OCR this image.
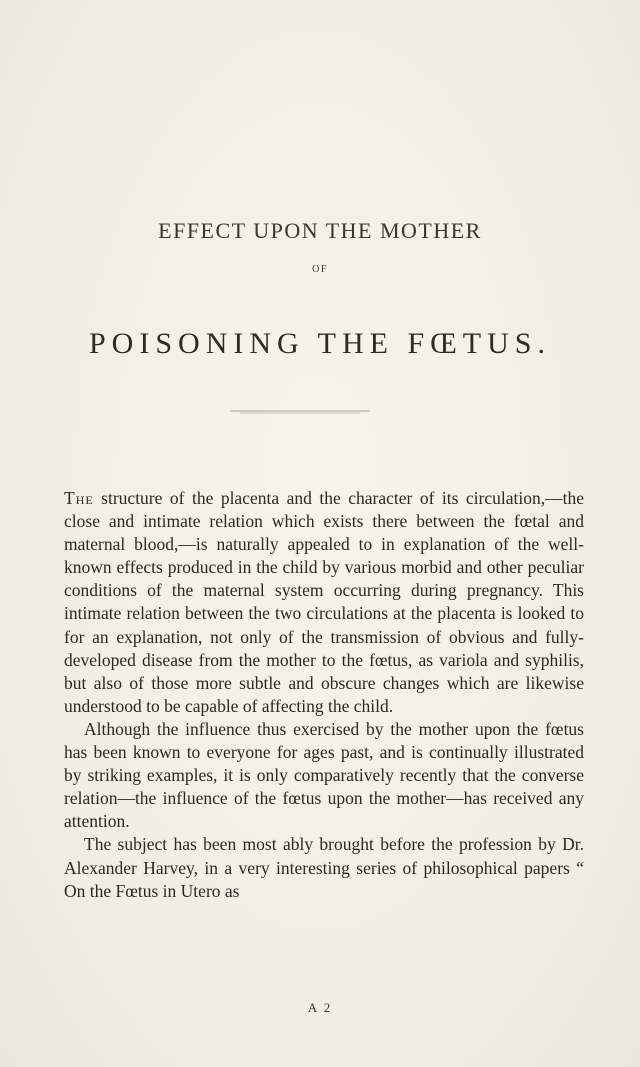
EFFECT UPON THE MOTHER
OF
POISONING THE FŒTUS.

The structure of the placenta and the character of its circulation,—the close and intimate relation which exists there between the fœtal and maternal blood,—is naturally appealed to in explanation of the well-known effects produced in the child by various morbid and other peculiar conditions of the maternal system occurring during pregnancy. This intimate relation between the two circulations at the placenta is looked to for an explanation, not only of the transmission of obvious and fully-developed disease from the mother to the fœtus, as variola and syphilis, but also of those more subtle and obscure changes which are likewise understood to be capable of affecting the child.

Although the influence thus exercised by the mother upon the fœtus has been known to everyone for ages past, and is continually illustrated by striking examples, it is only comparatively recently that the converse relation—the influence of the fœtus upon the mother—has received any attention.

The subject has been most ably brought before the profession by Dr. Alexander Harvey, in a very interesting series of philosophical papers “ On the Fœtus in Utero as

A 2
